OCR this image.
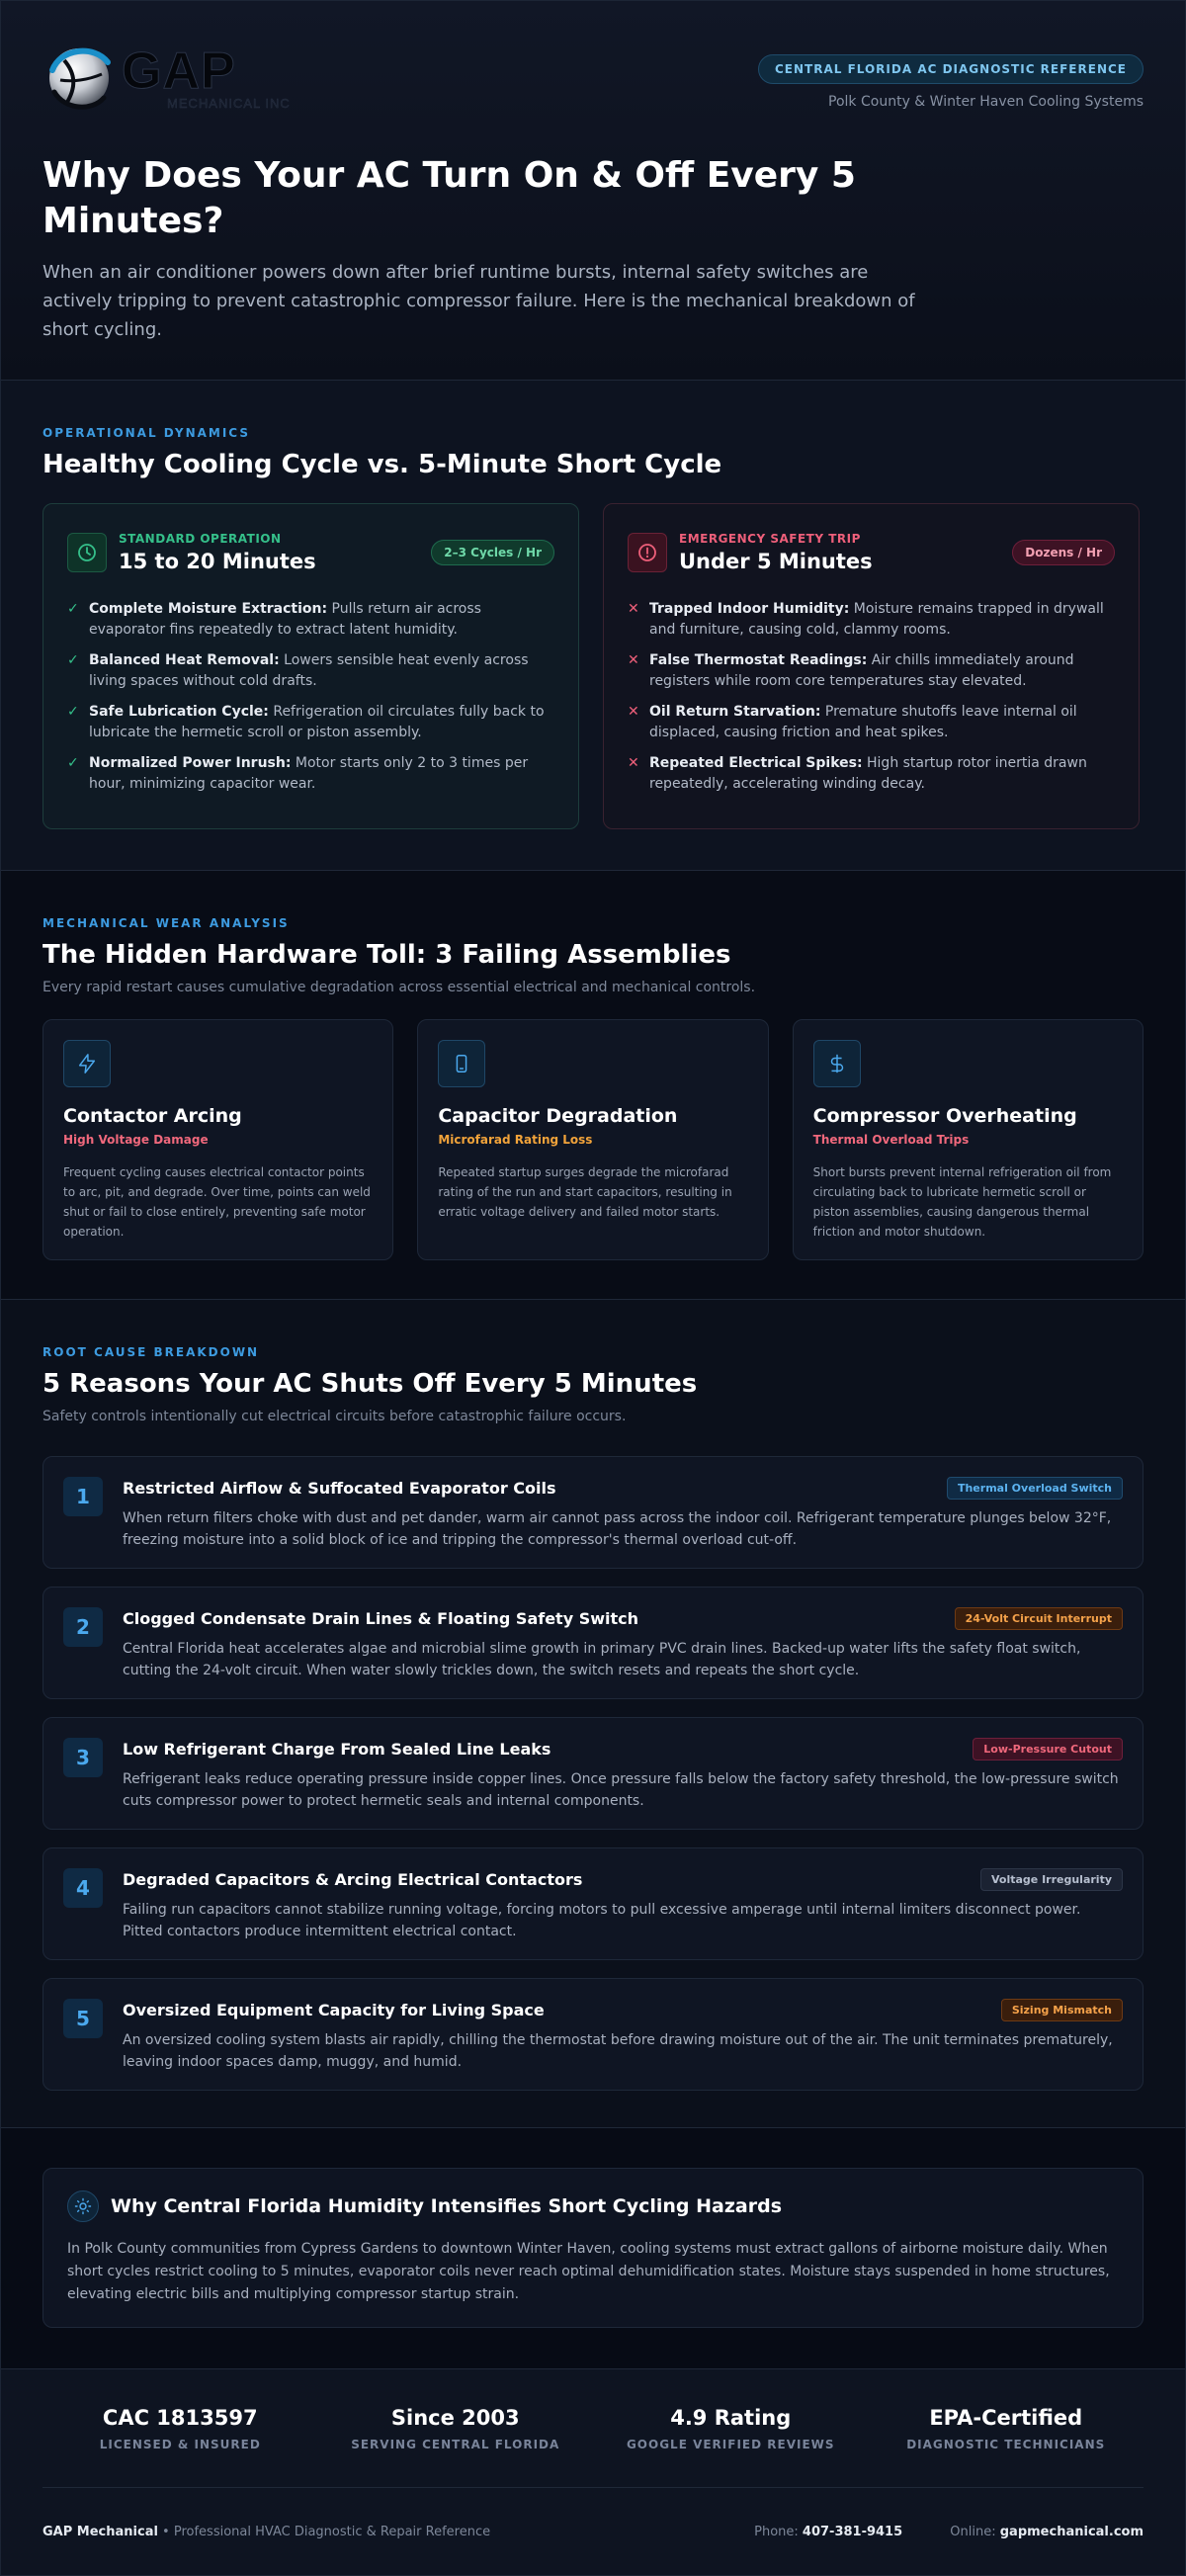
GAP
MECHANICAL INC
CENTRAL FLORIDA AC DIAGNOSTIC REFERENCE
Polk County & Winter Haven Cooling Systems
Why Does Your AC Turn On & Off Every 5 Minutes?

When an air conditioner powers down after brief runtime bursts, internal safety switches are actively tripping to prevent catastrophic compressor failure. Here is the mechanical breakdown of short cycling.

OPERATIONAL DYNAMICS
Healthy Cooling Cycle vs. 5-Minute Short Cycle
STANDARD OPERATION
15 to 20 Minutes	2–3 Cycles / Hr
✓ Complete Moisture Extraction: Pulls return air across evaporator fins repeatedly to extract latent humidity.
✓ Balanced Heat Removal: Lowers sensible heat evenly across living spaces without cold drafts.
✓ Safe Lubrication Cycle: Refrigeration oil circulates fully back to lubricate the hermetic scroll or piston assembly.
✓ Normalized Power Inrush: Motor starts only 2 to 3 times per hour, minimizing capacitor wear.
EMERGENCY SAFETY TRIP
Under 5 Minutes	Dozens / Hr
✕ Trapped Indoor Humidity: Moisture remains trapped in drywall and furniture, causing cold, clammy rooms.
✕ False Thermostat Readings: Air chills immediately around registers while room core temperatures stay elevated.
✕ Oil Return Starvation: Premature shutoffs leave internal oil displaced, causing friction and heat spikes.
✕ Repeated Electrical Spikes: High startup rotor inertia drawn repeatedly, accelerating winding decay.
MECHANICAL WEAR ANALYSIS
The Hidden Hardware Toll: 3 Failing Assemblies
Every rapid restart causes cumulative degradation across essential electrical and mechanical controls.
Contactor Arcing
High Voltage Damage
Frequent cycling causes electrical contactor points to arc, pit, and degrade. Over time, points can weld shut or fail to close entirely, preventing safe motor operation.
Capacitor Degradation
Microfarad Rating Loss
Repeated startup surges degrade the microfarad rating of the run and start capacitors, resulting in erratic voltage delivery and failed motor starts.
Compressor Overheating
Thermal Overload Trips
Short bursts prevent internal refrigeration oil from circulating back to lubricate hermetic scroll or piston assemblies, causing dangerous thermal friction and motor shutdown.
ROOT CAUSE BREAKDOWN
5 Reasons Your AC Shuts Off Every 5 Minutes
Safety controls intentionally cut electrical circuits before catastrophic failure occurs.
1	Restricted Airflow & Suffocated Evaporator Coils	Thermal Overload Switch
When return filters choke with dust and pet dander, warm air cannot pass across the indoor coil. Refrigerant temperature plunges below 32°F, freezing moisture into a solid block of ice and tripping the compressor's thermal overload cut-off.
2	Clogged Condensate Drain Lines & Floating Safety Switch	24-Volt Circuit Interrupt
Central Florida heat accelerates algae and microbial slime growth in primary PVC drain lines. Backed-up water lifts the safety float switch, cutting the 24-volt circuit. When water slowly trickles down, the switch resets and repeats the short cycle.
3	Low Refrigerant Charge From Sealed Line Leaks	Low-Pressure Cutout
Refrigerant leaks reduce operating pressure inside copper lines. Once pressure falls below the factory safety threshold, the low-pressure switch cuts compressor power to protect hermetic seals and internal components.
4	Degraded Capacitors & Arcing Electrical Contactors	Voltage Irregularity
Failing run capacitors cannot stabilize running voltage, forcing motors to pull excessive amperage until internal limiters disconnect power. Pitted contactors produce intermittent electrical contact.
5	Oversized Equipment Capacity for Living Space	Sizing Mismatch
An oversized cooling system blasts air rapidly, chilling the thermostat before drawing moisture out of the air. The unit terminates prematurely, leaving indoor spaces damp, muggy, and humid.
Why Central Florida Humidity Intensifies Short Cycling Hazards

In Polk County communities from Cypress Gardens to downtown Winter Haven, cooling systems must extract gallons of airborne moisture daily. When short cycles restrict cooling to 5 minutes, evaporator coils never reach optimal dehumidification states. Moisture stays suspended in home structures, elevating electric bills and multiplying compressor startup strain.

CAC 1813597
LICENSED & INSURED
Since 2003
SERVING CENTRAL FLORIDA
4.9 Rating
GOOGLE VERIFIED REVIEWS
EPA-Certified
DIAGNOSTIC TECHNICIANS
GAP Mechanical • Professional HVAC Diagnostic & Repair Reference	Phone: 407-381-9415	Online: gapmechanical.com
